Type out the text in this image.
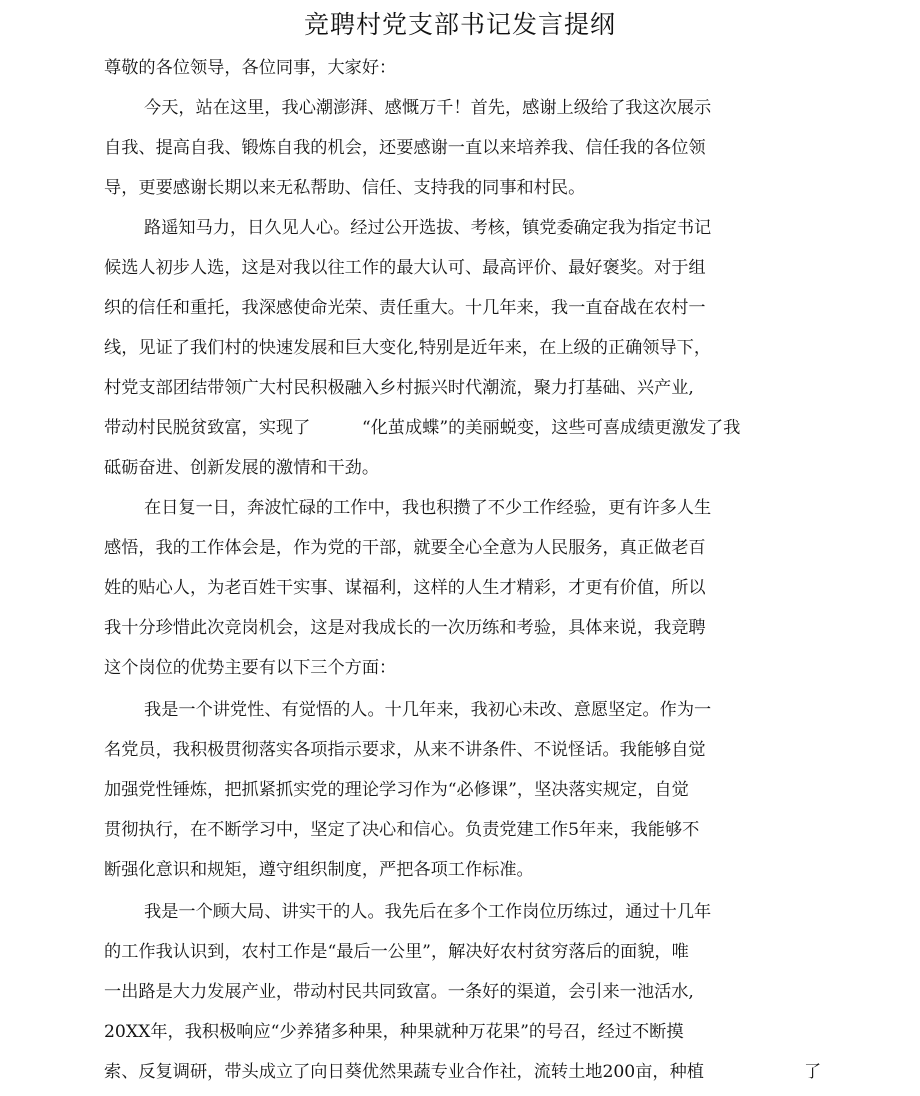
竞聘村党支部书记发言提纲
尊敬的各位领导，各位同事，大家好：
今天，站在这里，我心潮澎湃、感慨万千！首先，感谢上级给了我这次展示
自我、提高自我、锻炼自我的机会，还要感谢一直以来培养我、信任我的各位领
导，更要感谢长期以来无私帮助、信任、支持我的同事和村民。
路遥知马力，日久见人心。经过公开选拔、考核，镇党委确定我为指定书记
候选人初步人选，这是对我以往工作的最大认可、最高评价、最好褒奖。对于组
织的信任和重托，我深感使命光荣、责任重大。十几年来，我一直奋战在农村一
线，见证了我们村的快速发展和巨大变化,特别是近年来，在上级的正确领导下，
村党支部团结带领广大村民积极融入乡村振兴时代潮流，聚力打基础、兴产业,
带动村民脱贫致富，实现了　　　“化茧成蝶”的美丽蜕变，这些可喜成绩更激发了我
砥砺奋进、创新发展的激情和干劲。
在日复一日，奔波忙碌的工作中，我也积攒了不少工作经验，更有许多人生
感悟，我的工作体会是，作为党的干部，就要全心全意为人民服务，真正做老百
姓的贴心人，为老百姓干实事、谋福利，这样的人生才精彩，才更有价值，所以
我十分珍惜此次竞岗机会，这是对我成长的一次历练和考验，具体来说，我竞聘
这个岗位的优势主要有以下三个方面：
我是一个讲党性、有觉悟的人。十几年来，我初心未改、意愿坚定。作为一
名党员，我积极贯彻落实各项指示要求，从来不讲条件、不说怪话。我能够自觉
加强党性锤炼，把抓紧抓实党的理论学习作为“必修课”，坚决落实规定，自觉
贯彻执行，在不断学习中，坚定了决心和信心。负责党建工作5年来，我能够不
断强化意识和规矩，遵守组织制度，严把各项工作标准。
我是一个顾大局、讲实干的人。我先后在多个工作岗位历练过，通过十几年
的工作我认识到，农村工作是“最后一公里”，解决好农村贫穷落后的面貌，唯
一出路是大力发展产业，带动村民共同致富。一条好的渠道，会引来一池活水,
20XX年，我积极响应“少养猪多种果，种果就种万花果”的号召，经过不断摸
索、反复调研，带头成立了向日葵优然果蔬专业合作社，流转土地200亩，种植	了
